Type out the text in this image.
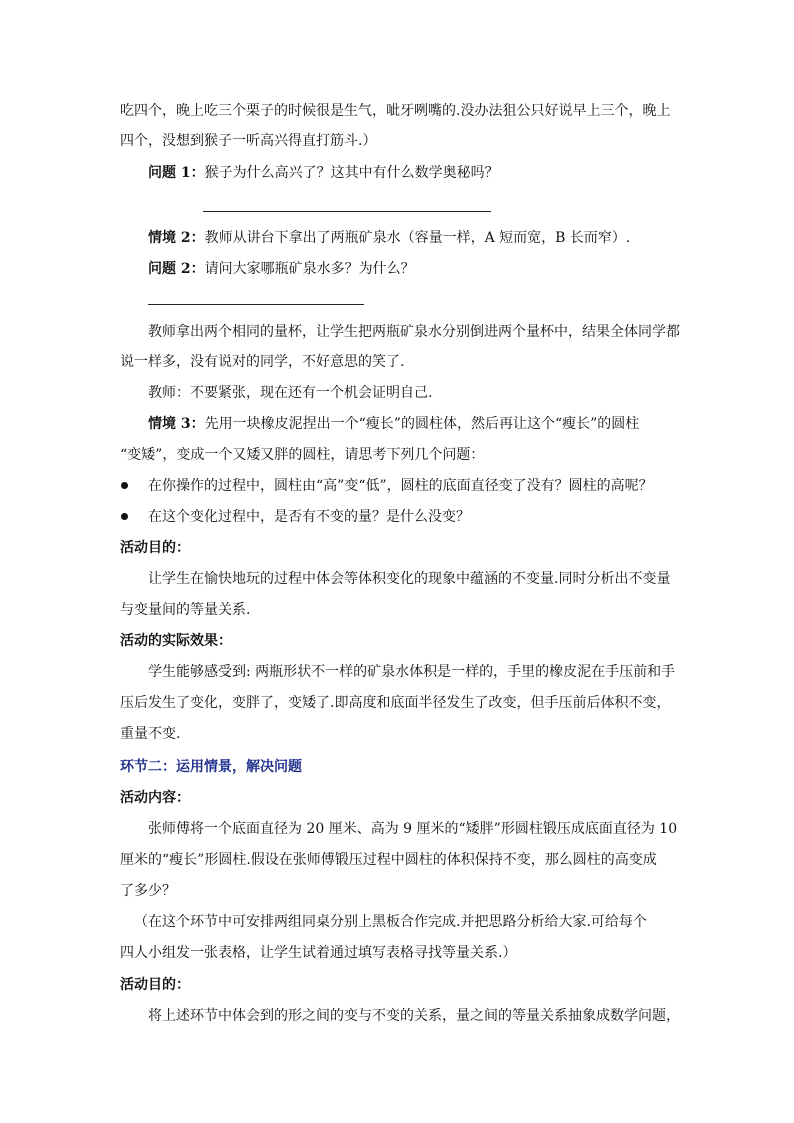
吃四个，晚上吃三个栗子的时候很是生气，呲牙咧嘴的.没办法狙公只好说早上三个，晚上
四个，没想到猴子一听高兴得直打筋斗.）
问题 1：猴子为什么高兴了？这其中有什么数学奥秘吗？
情境 2：教师从讲台下拿出了两瓶矿泉水（容量一样，A 短而宽，B 长而窄）.
问题 2：请问大家哪瓶矿泉水多？为什么？
教师拿出两个相同的量杯，让学生把两瓶矿泉水分别倒进两个量杯中，结果全体同学都
说一样多，没有说对的同学，不好意思的笑了.
教师：不要紧张，现在还有一个机会证明自己.
情境 3：先用一块橡皮泥捏出一个“瘦长”的圆柱体，然后再让这个“瘦长”的圆柱
“变矮”，变成一个又矮又胖的圆柱，请思考下列几个问题：
在你操作的过程中，圆柱由“高”变“低”，圆柱的底面直径变了没有？圆柱的高呢？
在这个变化过程中，是否有不变的量？是什么没变？
活动目的：
让学生在愉快地玩的过程中体会等体积变化的现象中蕴涵的不变量.同时分析出不变量
与变量间的等量关系.
活动的实际效果：
学生能够感受到: 两瓶形状不一样的矿泉水体积是一样的，手里的橡皮泥在手压前和手
压后发生了变化，变胖了，变矮了.即高度和底面半径发生了改变，但手压前后体积不变，
重量不变.
环节二：运用情景，解决问题
活动内容：
张师傅将一个底面直径为 20 厘米、高为 9 厘米的“矮胖”形圆柱锻压成底面直径为 10
厘米的“瘦长”形圆柱.假设在张师傅锻压过程中圆柱的体积保持不变，那么圆柱的高变成
了多少？
（在这个环节中可安排两组同桌分别上黑板合作完成.并把思路分析给大家.可给每个
四人小组发一张表格，让学生试着通过填写表格寻找等量关系.）
活动目的：
将上述环节中体会到的形之间的变与不变的关系，量之间的等量关系抽象成数学问题，
